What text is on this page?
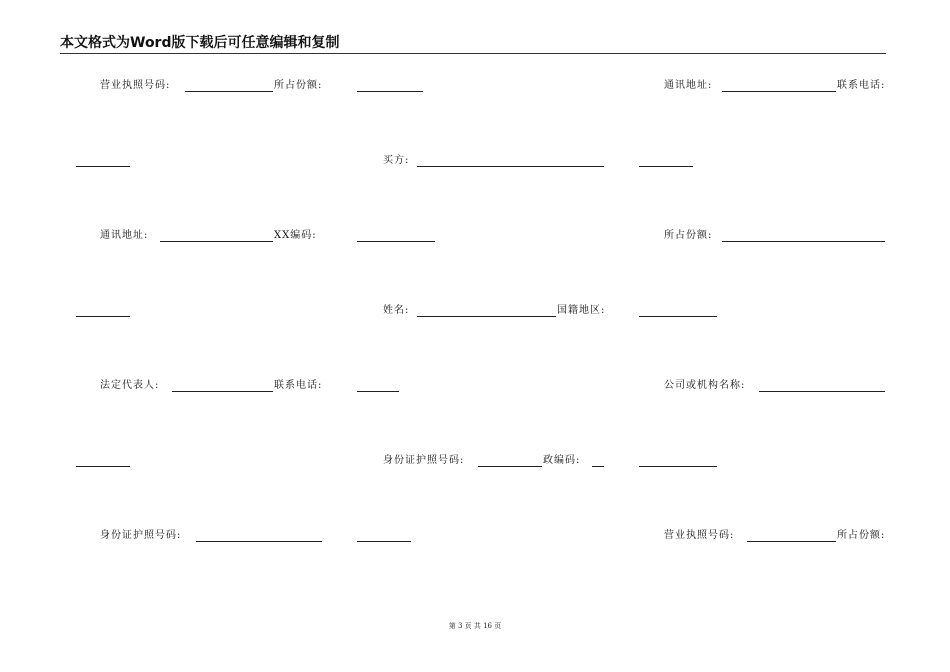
本文格式为Word版下载后可任意编辑和复制
营业执照号码:	所占份额:	通讯地址:	联系电话:
买方:
通讯地址:	XX编码:	所占份额:
姓名:	国籍地区:
法定代表人:	联系电话:	公司或机构名称:
身份证护照号码:	政编码:
身份证护照号码:	营业执照号码:	所占份额:
第 3 页 共 16 页
